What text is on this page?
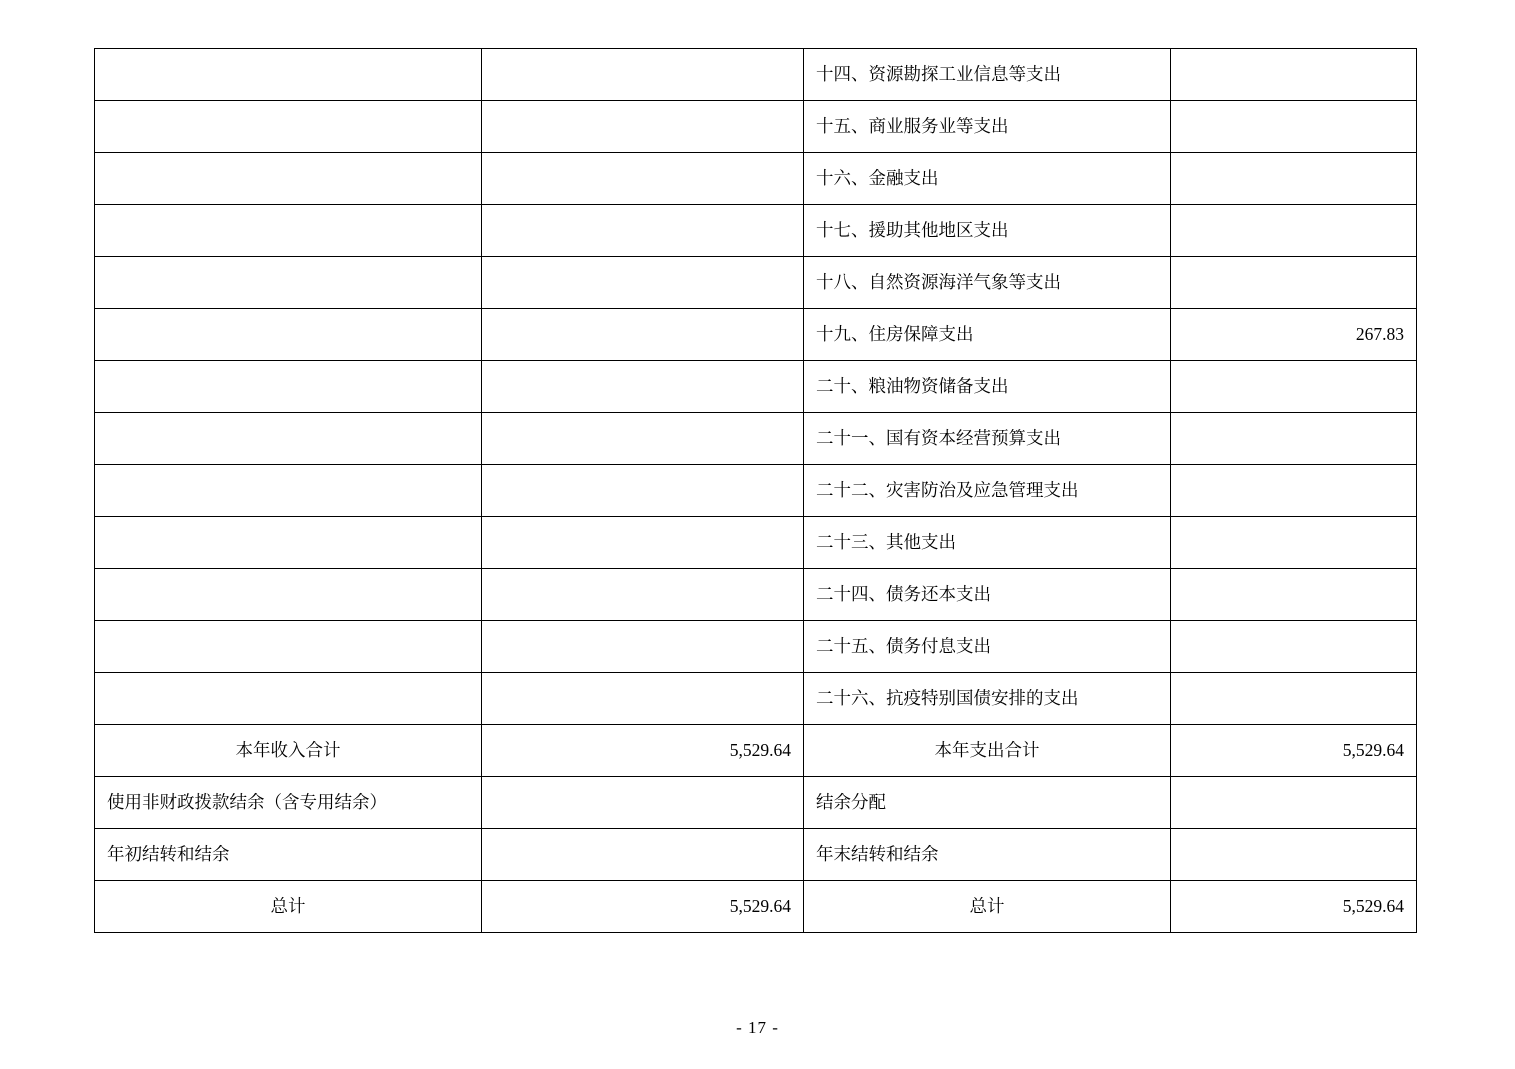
		十四、资源勘探工业信息等支出	
		十五、商业服务业等支出	
		十六、金融支出	
		十七、援助其他地区支出	
		十八、自然资源海洋气象等支出	
		十九、住房保障支出	267.83
		二十、粮油物资储备支出	
		二十一、国有资本经营预算支出	
		二十二、灾害防治及应急管理支出	
		二十三、其他支出	
		二十四、债务还本支出	
		二十五、债务付息支出	
		二十六、抗疫特别国债安排的支出	
本年收入合计	5,529.64	本年支出合计	5,529.64
使用非财政拨款结余（含专用结余）		结余分配	
年初结转和结余		年末结转和结余	
总计	5,529.64	总计	5,529.64
- 17 -
